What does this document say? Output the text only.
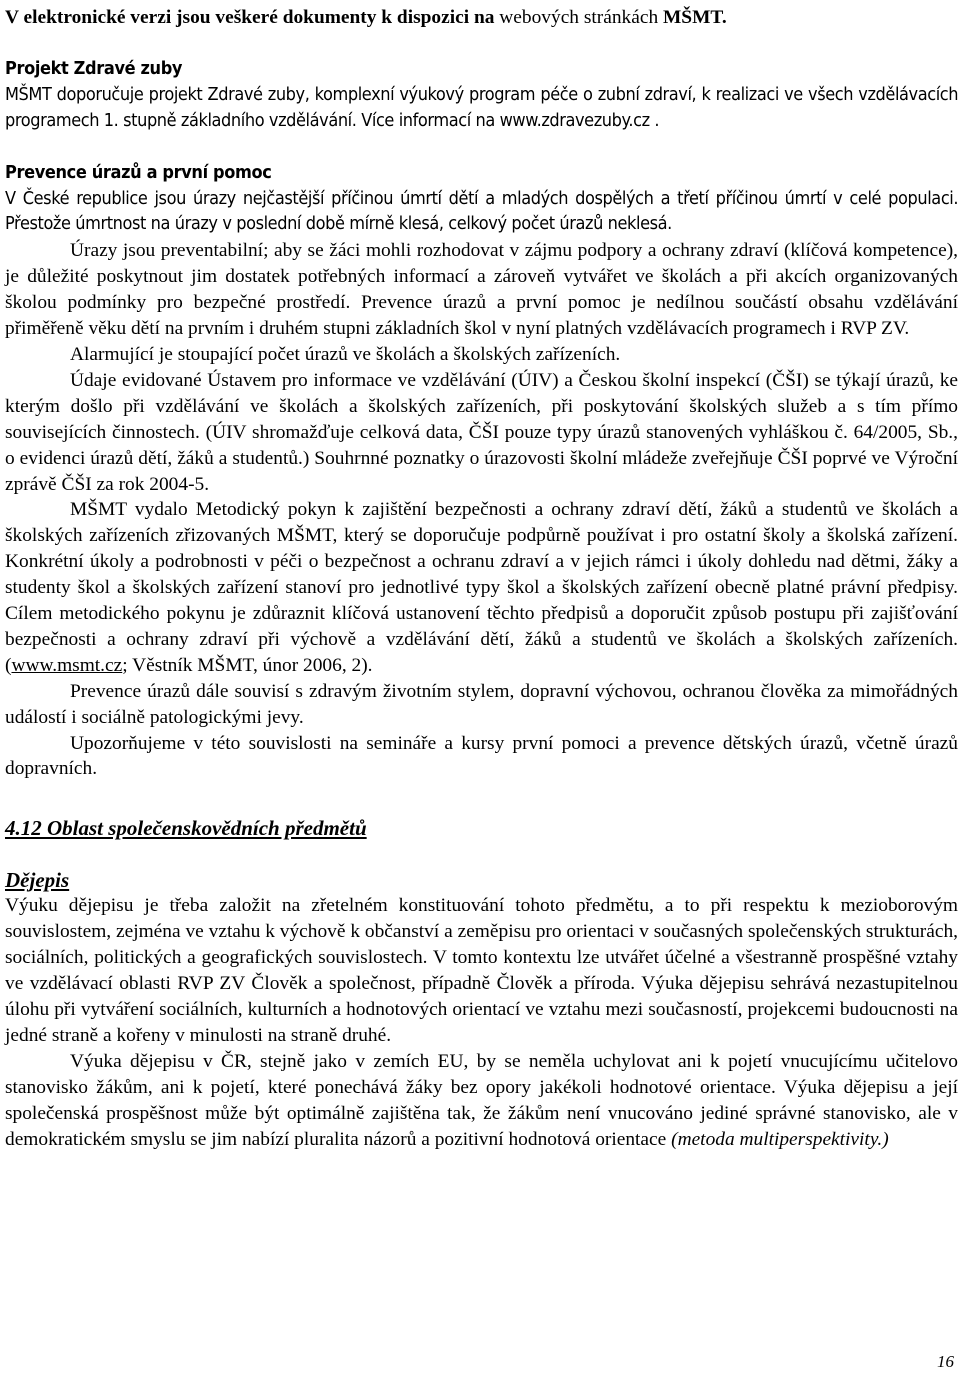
V elektronické verzi jsou veškeré dokumenty k dispozici na webových stránkách MŠMT.

Projekt Zdravé zuby

MŠMT doporučuje projekt Zdravé zuby, komplexní výukový program péče o zubní zdraví, k realizaci ve všech vzdělávacích programech 1. stupně základního vzdělávání. Více informací na www.zdravezuby.cz .

Prevence úrazů a první pomoc

V České republice jsou úrazy nejčastější příčinou úmrtí dětí a mladých dospělých a třetí příčinou úmrtí v celé populaci. Přestože úmrtnost na úrazy v poslední době mírně klesá, celkový počet úrazů neklesá.

Úrazy jsou preventabilní; aby se žáci mohli rozhodovat v zájmu podpory a ochrany zdraví (klíčová kompetence), je důležité poskytnout jim dostatek potřebných informací a zároveň vytvářet ve školách a při akcích organizovaných školou podmínky pro bezpečné prostředí. Prevence úrazů a první pomoc je nedílnou součástí obsahu vzdělávání přiměřeně věku dětí na prvním i druhém stupni základních škol v nyní platných vzdělávacích programech i RVP ZV.

Alarmující je stoupající počet úrazů ve školách a školských zařízeních.

Údaje evidované Ústavem pro informace ve vzdělávání (ÚIV) a Českou školní inspekcí (ČŠI) se týkají úrazů, ke kterým došlo při vzdělávání ve školách a školských zařízeních, při poskytování školských služeb a s tím přímo souvisejících činnostech. (ÚIV shromažďuje celková data, ČŠI pouze typy úrazů stanovených vyhláškou č. 64/2005, Sb., o evidenci úrazů dětí, žáků a studentů.) Souhrnné poznatky o úrazovosti školní mládeže zveřejňuje ČŠI poprvé ve Výroční zprávě ČŠI za rok 2004-5.

MŠMT vydalo Metodický pokyn k zajištění bezpečnosti a ochrany zdraví dětí, žáků a studentů ve školách a školských zařízeních zřizovaných MŠMT, který se doporučuje podpůrně používat i pro ostatní školy a školská zařízení. Konkrétní úkoly a podrobnosti v péči o bezpečnost a ochranu zdraví a v jejich rámci i úkoly dohledu nad dětmi, žáky a studenty škol a školských zařízení stanoví pro jednotlivé typy škol a školských zařízení obecně platné právní předpisy. Cílem metodického pokynu je zdůraznit klíčová ustanovení těchto předpisů a doporučit způsob postupu při zajišťování bezpečnosti a ochrany zdraví při výchově a vzdělávání dětí, žáků a studentů ve školách a školských zařízeních. (www.msmt.cz; Věstník MŠMT, únor 2006, 2).

Prevence úrazů dále souvisí s zdravým životním stylem, dopravní výchovou, ochranou člověka za mimořádných událostí i sociálně patologickými jevy.

Upozorňujeme v této souvislosti na semináře a kursy první pomoci a prevence dětských úrazů, včetně úrazů dopravních.

4.12 Oblast společenskovědních předmětů
Dějepis

Výuku dějepisu je třeba založit na zřetelném konstituování tohoto předmětu, a to při respektu k mezioborovým souvislostem, zejména ve vztahu k výchově k občanství a zeměpisu pro orientaci v současných společenských strukturách, sociálních, politických a geografických souvislostech. V tomto kontextu lze utvářet účelné a všestranně prospěšné vztahy ve vzdělávací oblasti RVP ZV Člověk a společnost, případně Člověk a příroda. Výuka dějepisu sehrává nezastupitelnou úlohu při vytváření sociálních, kulturních a hodnotových orientací ve vztahu mezi současností, projekcemi budoucnosti na jedné straně a kořeny v minulosti na straně druhé.

Výuka dějepisu v ČR, stejně jako v zemích EU, by se neměla uchylovat ani k pojetí vnucujícímu učitelovo stanovisko žákům, ani k pojetí, které ponechává žáky bez opory jakékoli hodnotové orientace. Výuka dějepisu a její společenská prospěšnost může být optimálně zajištěna tak, že žákům není vnucováno jediné správné stanovisko, ale v demokratickém smyslu se jim nabízí pluralita názorů a pozitivní hodnotová orientace (metoda multiperspektivity.)

16
